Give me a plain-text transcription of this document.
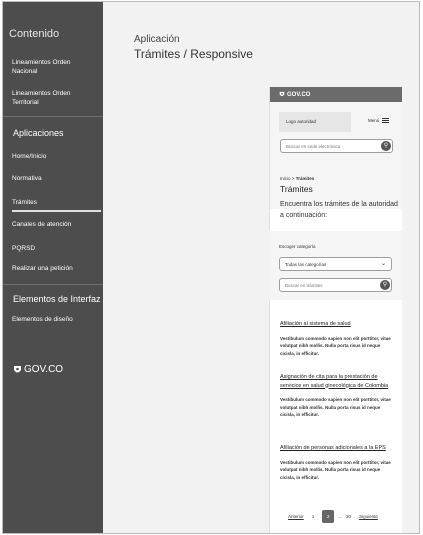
Contenido
Lineamientos Orden Nacional
Lineamientos Orden Territorial
Aplicaciones
Home/Inicio
Normativa
Trámites
Canales de atención
PQRSD
Realizar una petición
Elementos de Interfaz
Elementos de diseño
GOV.CO
Aplicación
Trámites / Responsive
GOV.CO
Logo autoridad	Menú
Buscar en sede electrónica	⚲
Inicio > Trámites
Trámites
Encuentra los trámites de la autoridad a continuación:
Escoger categoría
Todas las categorías	⌄
Buscar en trámites	⚲
Afiliación al sistema de salud
Vestibulum commodo sapien non elit porttitor, vitae volutpat nibh mollis. Nulla porta risus id neque cicisla, in efficitur.
Asignación de cita para la prestación de servicios en salud ginecológica de Colombia
Vestibulum commodo sapien non elit porttitor, vitae volutpat nibh mollis. Nulla porta risus id neque cicisla, in efficitur.
Afiliación de personas adicionales a la EPS
Vestibulum commodo sapien non elit porttitor, vitae volutpat nibh mollis. Nulla porta risus id neque cicisla, in efficitur.
Anterior 1	2	... 30 Siguiente
